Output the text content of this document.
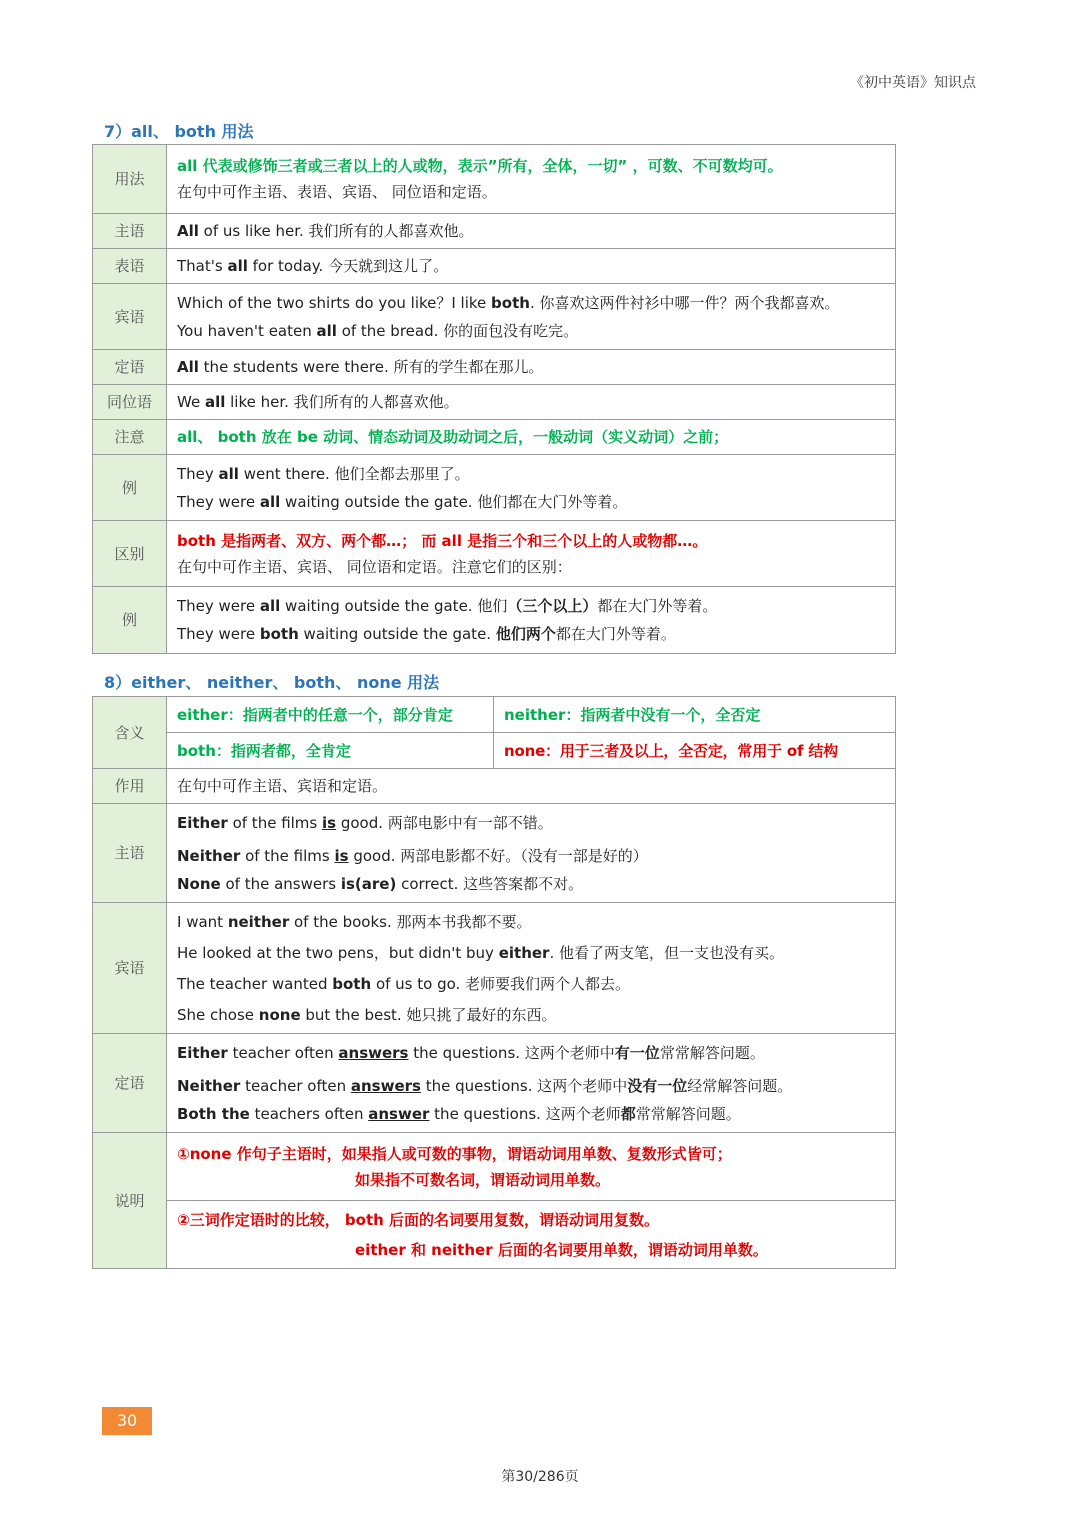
《初中英语》知识点
7）all、 both 用法
用法	all 代表或修饰三者或三者以上的人或物，表示”所有，全体，一切” ，可数、不可数均可。
在句中可作主语、表语、宾语、 同位语和定语。

主语	All of us like her. 我们所有的人都喜欢他。
表语	That's all for today. 今天就到这儿了。
宾语	Which of the two shirts do you like？I like both. 你喜欢这两件衬衫中哪一件？两个我都喜欢。
You haven't eaten all of the bread. 你的面包没有吃完。

定语	All the students were there. 所有的学生都在那儿。
同位语	We all like her. 我们所有的人都喜欢他。
注意	all、 both 放在 be 动词、情态动词及助动词之后，一般动词（实义动词）之前；
例	They all went there. 他们全都去那里了。
They were all waiting outside the gate. 他们都在大门外等着。

区别	both 是指两者、双方、两个都…； 而 all 是指三个和三个以上的人或物都…。
在句中可作主语、宾语、 同位语和定语。注意它们的区别：

例	They were all waiting outside the gate. 他们（三个以上）都在大门外等着。
They were both waiting outside the gate. 他们两个都在大门外等着。
8）either、 neither、 both、 none 用法
含义	either：指两者中的任意一个，部分肯定	neither：指两者中没有一个，全否定
	both：指两者都，全肯定	none：用于三者及以上，全否定，常用于 of 结构

作用	在句中可作主语、宾语和定语。	
主语	Either of the films is good. 两部电影中有一部不错。
Neither of the films is good. 两部电影都不好。（没有一部是好的）
None of the answers is(are) correct. 这些答案都不对。	

宾语	I want neither of the books. 那两本书我都不要。
He looked at the two pens，but didn't buy either. 他看了两支笔，但一支也没有买。
The teacher wanted both of us to go. 老师要我们两个人都去。
She chose none but the best. 她只挑了最好的东西。	

定语	Either teacher often answers the questions. 这两个老师中有一位常常解答问题。
Neither teacher often answers the questions. 这两个老师中没有一位经常解答问题。
Both the teachers often answer the questions. 这两个老师都常常解答问题。	

说明	①none 作句子主语时，如果指人或可数的事物，谓语动词用单数、复数形式皆可；
如果指不可数名词，谓语动词用单数。	

	②三词作定语时的比较， both 后面的名词要用复数，谓语动词用复数。
either 和 neither 后面的名词要用单数，谓语动词用单数。	
30
第30/286页
